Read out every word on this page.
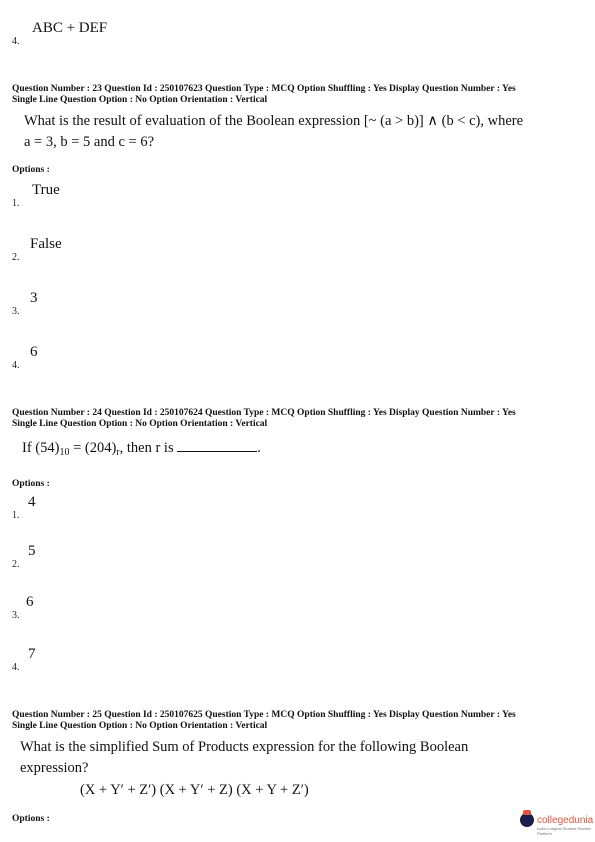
ABC + DEF
4.
Question Number : 23 Question Id : 250107623 Question Type : MCQ Option Shuffling : Yes Display Question Number : Yes
Single Line Question Option : No Option Orientation : Vertical
What is the result of evaluation of the Boolean expression [~ (a > b)] ∧ (b < c), where
a = 3, b = 5 and c = 6?
Options :
True
1.
False
2.
3
3.
6
4.
Question Number : 24 Question Id : 250107624 Question Type : MCQ Option Shuffling : Yes Display Question Number : Yes
Single Line Question Option : No Option Orientation : Vertical
If $(54)_{10} = (204)_r$, then r is	.
Options :
4
1.
5
2.
6
3.
7
4.
Question Number : 25 Question Id : 250107625 Question Type : MCQ Option Shuffling : Yes Display Question Number : Yes
Single Line Question Option : No Option Orientation : Vertical
What is the simplified Sum of Products expression for the following Boolean
expression?
(X + Y′ + Z′) (X + Y′ + Z) (X + Y + Z′)
Options :	collegedunia
India's largest Student Review Platform
